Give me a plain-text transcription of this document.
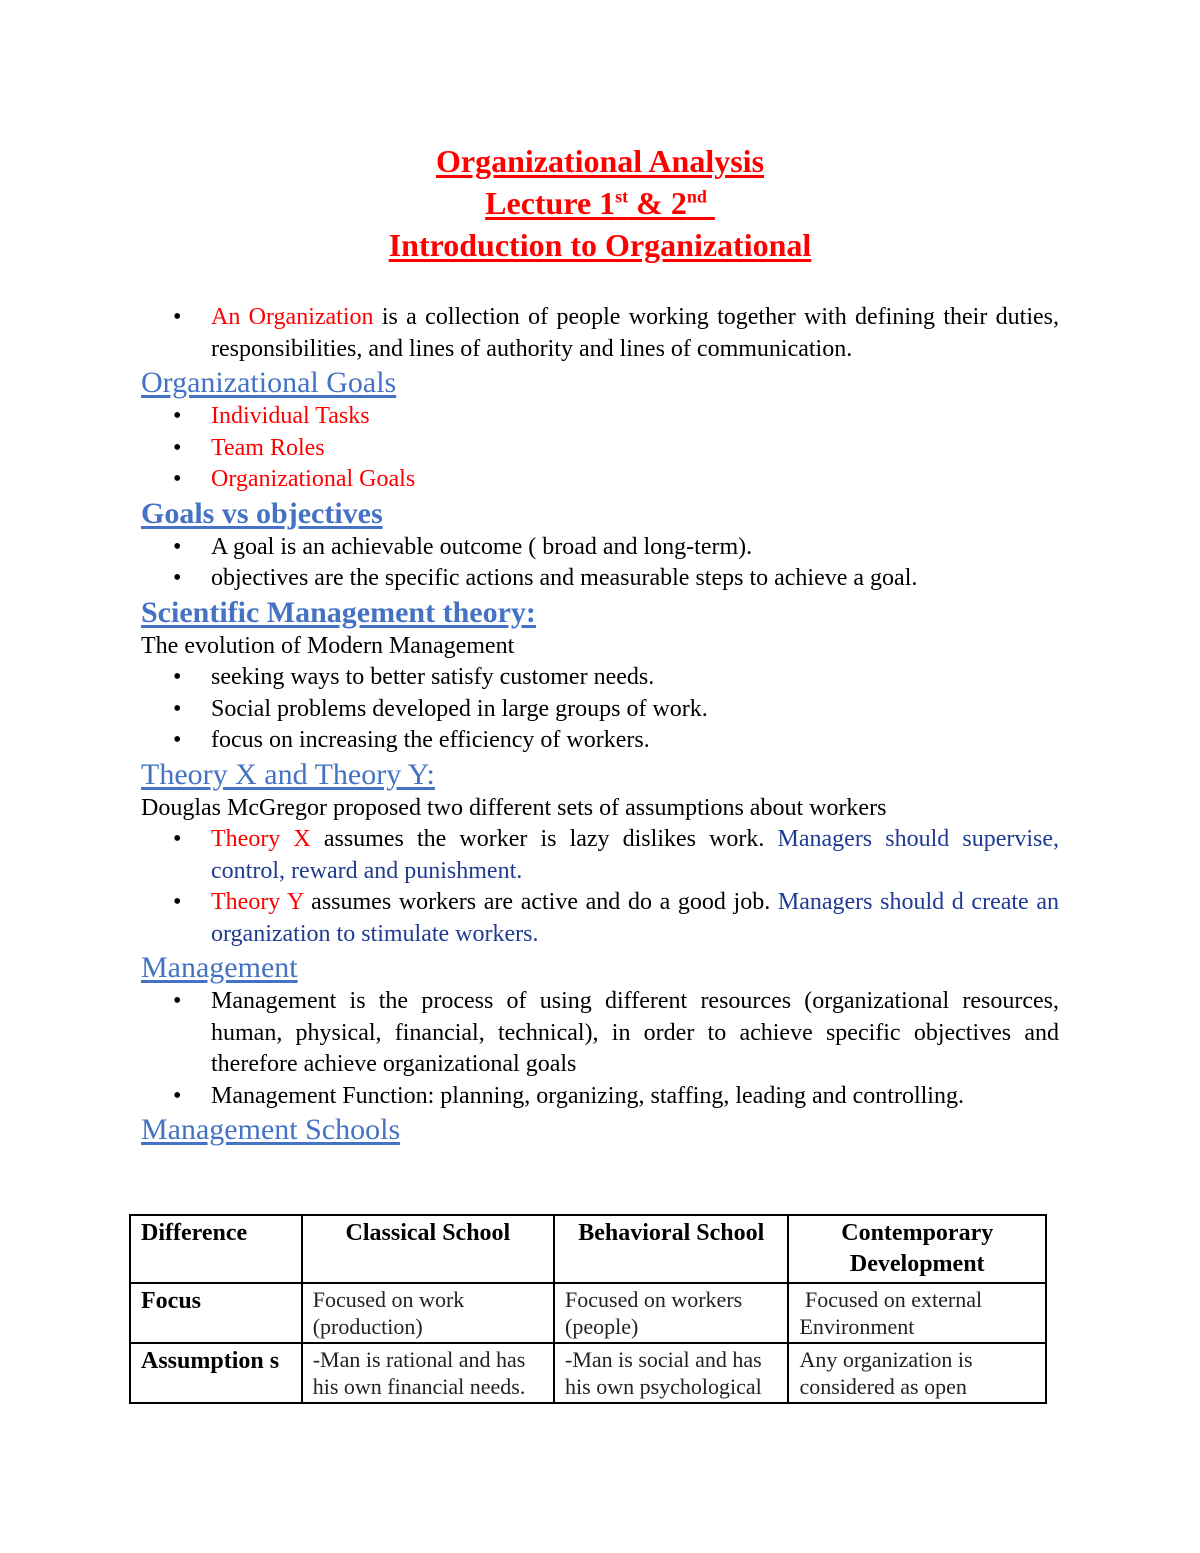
Organizational Analysis
Lecture 1st & 2nd
Introduction to Organizational
• An Organization is a collection of people working together with defining their duties, responsibilities, and lines of authority and lines of communication.
Organizational Goals
• Individual Tasks
• Team Roles
• Organizational Goals
Goals vs objectives
• A goal is an achievable outcome ( broad and long-term).
• objectives are the specific actions and measurable steps to achieve a goal.
Scientific Management theory:
The evolution of Modern Management
• seeking ways to better satisfy customer needs.
• Social problems developed in large groups of work.
• focus on increasing the efficiency of workers.
Theory X and Theory Y:
Douglas McGregor proposed two different sets of assumptions about workers
• Theory X assumes the worker is lazy dislikes work. Managers should supervise, control, reward and punishment.
• Theory Y assumes workers are active and do a good job. Managers should d create an organization to stimulate workers.
Management
• Management is the process of using different resources (organizational resources, human, physical, financial, technical), in order to achieve specific objectives and therefore achieve organizational goals
• Management Function: planning, organizing, staffing, leading and controlling.
Management Schools
Difference	Classical School	Behavioral School	Contemporary Development
Focus	Focused on work (production)	Focused on workers (people)	Focused on external Environment
Assumption s	-Man is rational and has his own financial needs.	-Man is social and has his own psychological	Any organization is considered as open
